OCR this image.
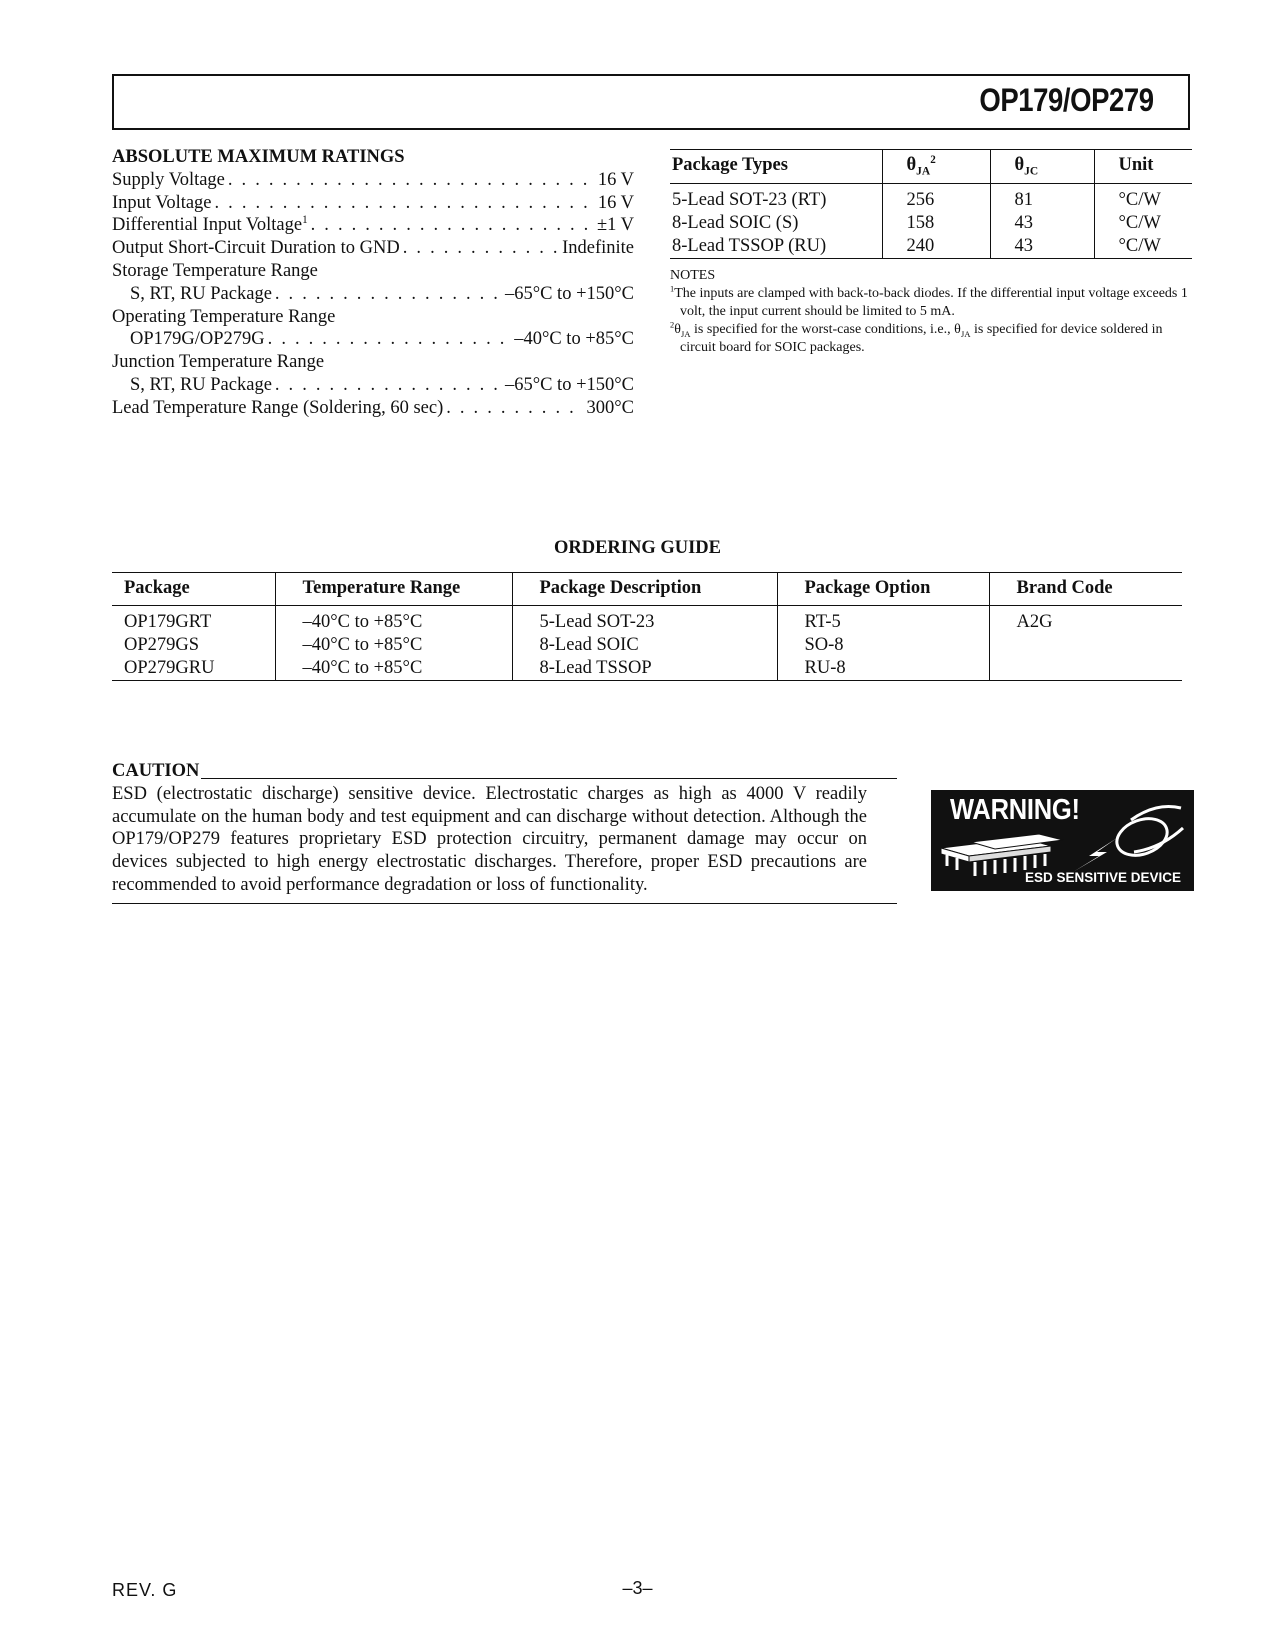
OP179/OP279
ABSOLUTE MAXIMUM RATINGS
Supply Voltage . . .	16 V
Input Voltage . . .	16 V
Differential Input Voltage$^1$ . . .	±1 V
Output Short-Circuit Duration to GND . . .	Indefinite
Storage Temperature Range
S, RT, RU Package . . .	–65°C to +150°C
Operating Temperature Range
OP179G/OP279G . . .	–40°C to +85°C
Junction Temperature Range
S, RT, RU Package . . .	–65°C to +150°C
Lead Temperature Range (Soldering, 60 sec) . . .	300°C
Package Types	$\theta_{JA}^2$	$\theta_{JC}$	Unit
5-Lead SOT-23 (RT)	256	81	°C/W
8-Lead SOIC (S)	158	43	°C/W
8-Lead TSSOP (RU)	240	43	°C/W
NOTES
$^1$The inputs are clamped with back-to-back diodes. If the differential input voltage exceeds 1 volt, the input current should be limited to 5 mA.
$^2\theta_{JA}$ is specified for the worst-case conditions, i.e., $\theta_{JA}$ is specified for device soldered in circuit board for SOIC packages.
ORDERING GUIDE
Package	Temperature Range	Package Description	Package Option	Brand Code
OP179GRT	–40°C to +85°C	5-Lead SOT-23	RT-5	A2G
OP279GS	–40°C to +85°C	8-Lead SOIC	SO-8	
OP279GRU	–40°C to +85°C	8-Lead TSSOP	RU-8	
CAUTION
ESD (electrostatic discharge) sensitive device. Electrostatic charges as high as 4000 V readily accumulate on the human body and test equipment and can discharge without detection. Although the OP179/OP279 features proprietary ESD protection circuitry, permanent damage may occur on devices subjected to high energy electrostatic discharges. Therefore, proper ESD precautions are recommended to avoid performance degradation or loss of functionality.
WARNING!
ESD SENSITIVE DEVICE
REV. G	–3–
